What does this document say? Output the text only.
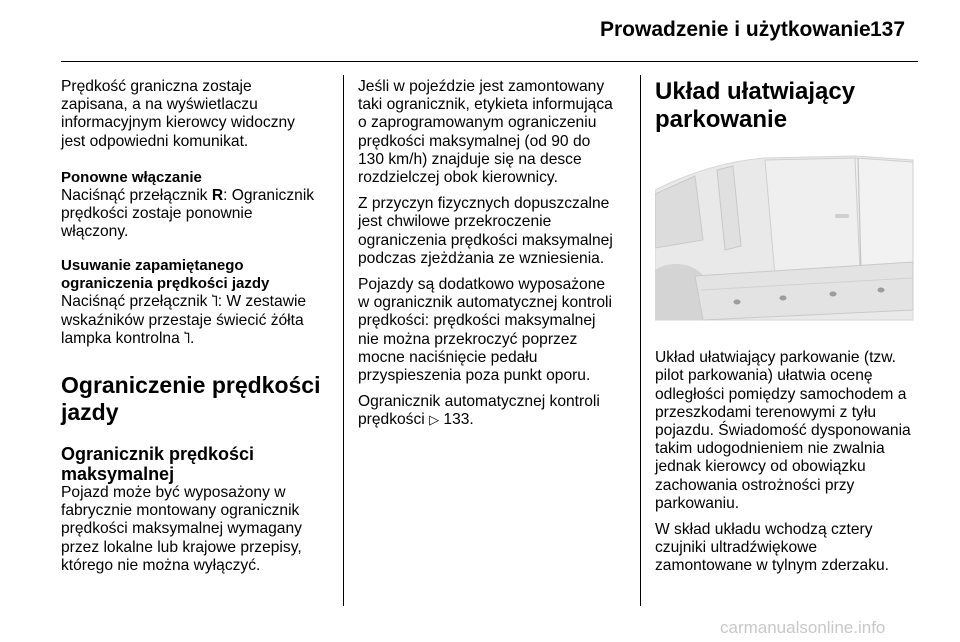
Prowadzenie i użytkowanie 137

Prędkość graniczna zostaje
zapisana, a na wyświetlaczu
informacyjnym kierowcy widoczny
jest odpowiedni komunikat.

Ponowne włączanie

Naciśnąć przełącznik R: Ogranicznik
prędkości zostaje ponownie
włączony.

Usuwanie zapamiętanego
ograniczenia prędkości jazdy

Naciśnąć przełącznik Ⴈ: W zestawie
wskaźników przestaje świecić żółta
lampka kontrolna Ⴈ.

Ograniczenie prędkości
jazdy
Ogranicznik prędkości
maksymalnej

Pojazd może być wyposażony w
fabrycznie montowany ogranicznik
prędkości maksymalnej wymagany
przez lokalne lub krajowe przepisy,
którego nie można wyłączyć.

Jeśli w pojeździe jest zamontowany
taki ogranicznik, etykieta informująca
o zaprogramowanym ograniczeniu
prędkości maksymalnej (od 90 do
130 km/h) znajduje się na desce
rozdzielczej obok kierownicy.

Z przyczyn fizycznych dopuszczalne
jest chwilowe przekroczenie
ograniczenia prędkości maksymalnej
podczas zjeżdżania ze wzniesienia.

Pojazdy są dodatkowo wyposażone
w ogranicznik automatycznej kontroli
prędkości: prędkości maksymalnej
nie można przekroczyć poprzez
mocne naciśnięcie pedału
przyspieszenia poza punkt oporu.

Ogranicznik automatycznej kontroli
prędkości ▷ 133.

Układ ułatwiający
parkowanie

Układ ułatwiający parkowanie (tzw.
pilot parkowania) ułatwia ocenę
odległości pomiędzy samochodem a
przeszkodami terenowymi z tyłu
pojazdu. Świadomość dysponowania
takim udogodnieniem nie zwalnia
jednak kierowcy od obowiązku
zachowania ostrożności przy
parkowaniu.

W skład układu wchodzą cztery
czujniki ultradźwiękowe
zamontowane w tylnym zderzaku.

carmanualsonline.info
